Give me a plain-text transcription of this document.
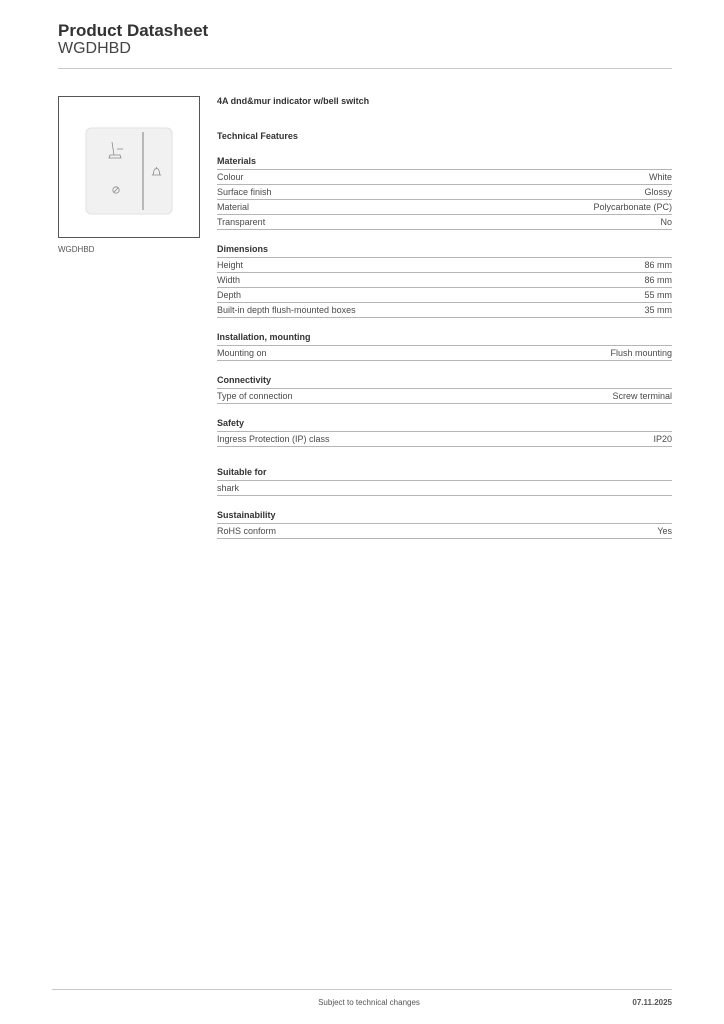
Product Datasheet
WGDHBD
WGDHBD
4A dnd&mur indicator w/bell switch
Technical Features
Materials
Colour	White
Surface finish	Glossy
Material	Polycarbonate (PC)
Transparent	No
Dimensions
Height	86 mm
Width	86 mm
Depth	55 mm
Built-in depth flush-mounted boxes	35 mm
Installation, mounting
Mounting on	Flush mounting
Connectivity
Type of connection	Screw terminal
Safety
Ingress Protection (IP) class	IP20
Suitable for
shark
Sustainability
RoHS conform	Yes
Subject to technical changes	07.11.2025
